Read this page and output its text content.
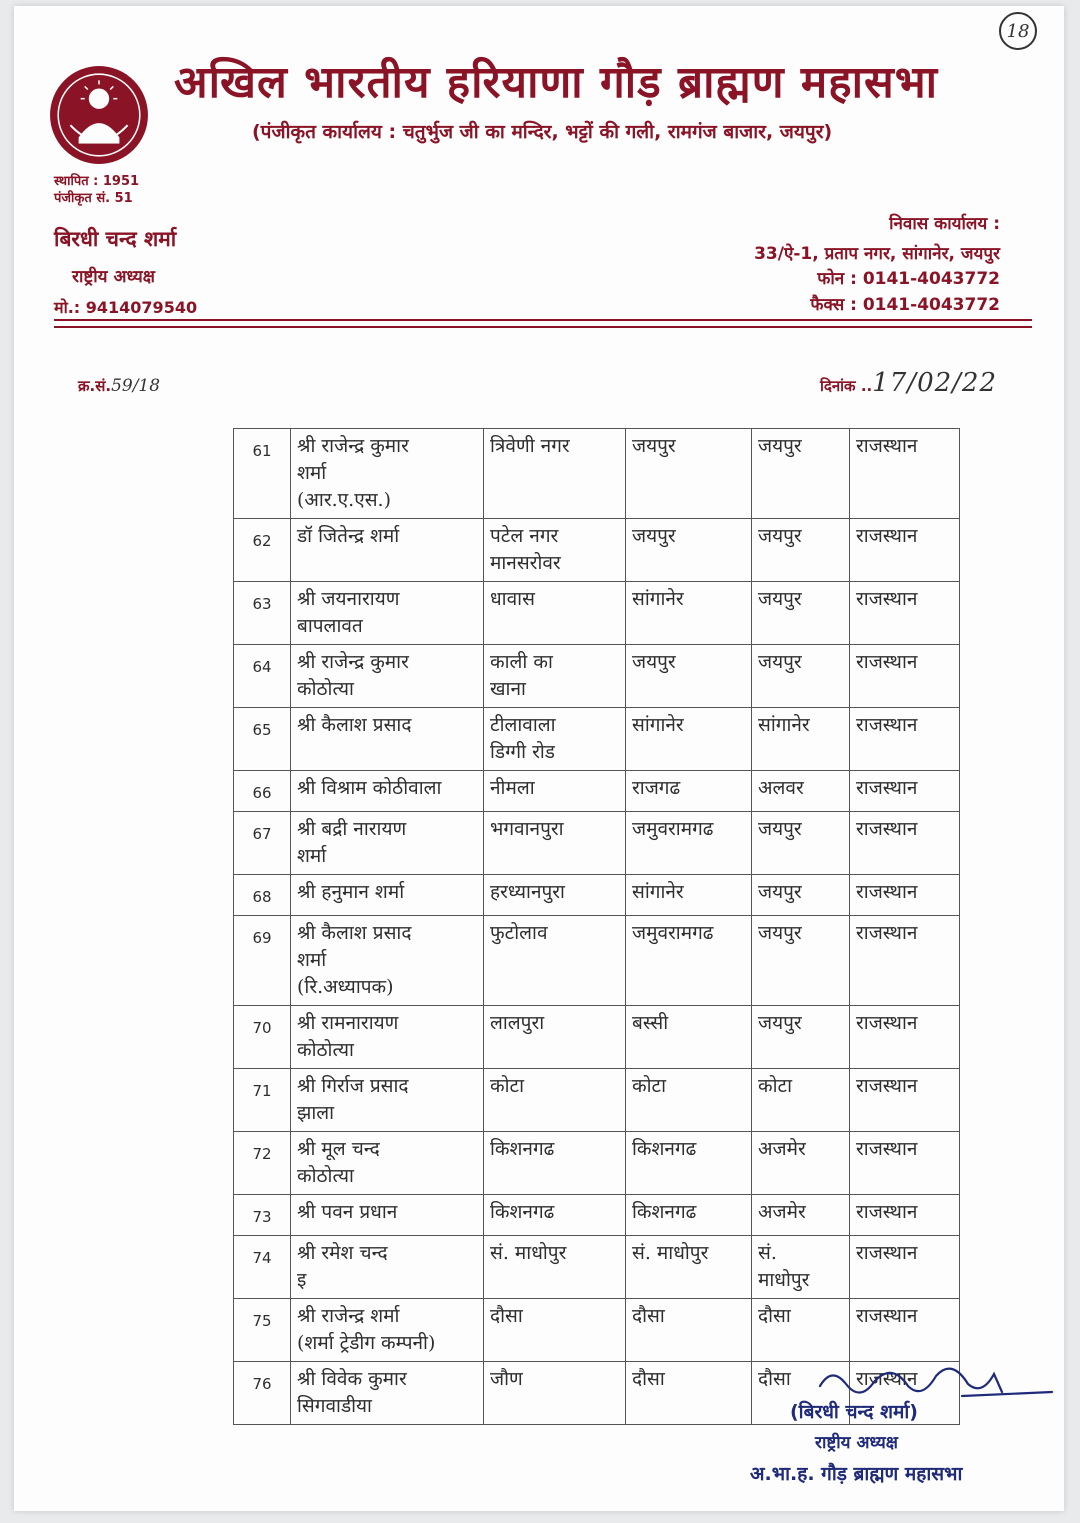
18
अखिल भारतीय हरियाणा गौड़ ब्राह्मण महासभा
(पंजीकृत कार्यालय : चतुर्भुज जी का मन्दिर, भट्टों की गली, रामगंज बाजार, जयपुर)
स्थापित : 1951
पंजीकृत सं. 51
बिरधी चन्द शर्मा
राष्ट्रीय अध्यक्ष
मो.: 9414079540
निवास कार्यालय :
33/ऐ-1, प्रताप नगर, सांगानेर, जयपुर
फोन : 0141-4043772
फैक्स : 0141-4043772
क्र.सं.59/18	दिनांक ..17/02/22
61	श्री राजेन्द्र कुमार
शर्मा
(आर.ए.एस.)	त्रिवेणी नगर	जयपुर	जयपुर	राजस्थान
62	डॉ जितेन्द्र शर्मा	पटेल नगर
मानसरोवर	जयपुर	जयपुर	राजस्थान
63	श्री जयनारायण
बापलावत	धावास	सांगानेर	जयपुर	राजस्थान
64	श्री राजेन्द्र कुमार
कोठोत्या	काली का
खाना	जयपुर	जयपुर	राजस्थान
65	श्री कैलाश प्रसाद	टीलावाला
डिग्गी रोड	सांगानेर	सांगानेर	राजस्थान
66	श्री विश्राम कोठीवाला	नीमला	राजगढ	अलवर	राजस्थान
67	श्री बद्री नारायण
शर्मा	भगवानपुरा	जमुवरामगढ	जयपुर	राजस्थान
68	श्री हनुमान शर्मा	हरध्यानपुरा	सांगानेर	जयपुर	राजस्थान
69	श्री कैलाश प्रसाद
शर्मा
(रि.अध्यापक)	फुटोलाव	जमुवरामगढ	जयपुर	राजस्थान
70	श्री रामनारायण
कोठोत्या	लालपुरा	बस्सी	जयपुर	राजस्थान
71	श्री गिर्राज प्रसाद
झाला	कोटा	कोटा	कोटा	राजस्थान
72	श्री मूल चन्द
कोठोत्या	किशनगढ	किशनगढ	अजमेर	राजस्थान
73	श्री पवन प्रधान	किशनगढ	किशनगढ	अजमेर	राजस्थान
74	श्री रमेश चन्द
इ	सं. माधोपुर	सं. माधोपुर	सं.
माधोपुर	राजस्थान
75	श्री राजेन्द्र शर्मा
(शर्मा ट्रेडीग कम्पनी)	दौसा	दौसा	दौसा	राजस्थान
76	श्री विवेक कुमार
सिगवाडीया	जौण	दौसा	दौसा	राजस्थान
(बिरधी चन्द शर्मा)
राष्ट्रीय अध्यक्ष
अ.भा.ह. गौड़ ब्राह्मण महासभा
